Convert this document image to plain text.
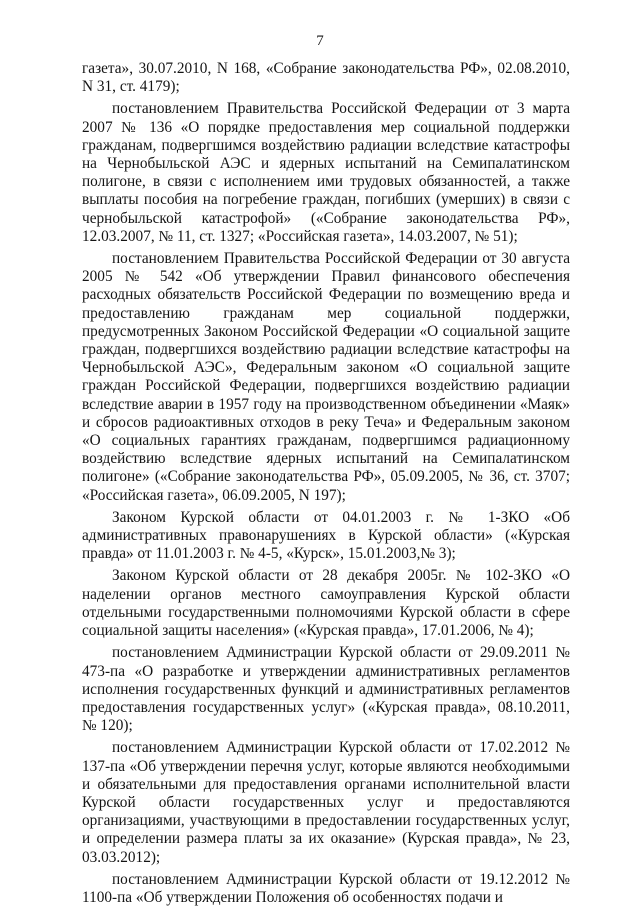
7

газета», 30.07.2010, N 168, «Собрание законодательства РФ», 02.08.2010, N 31, ст. 4179);

постановлением Правительства Российской Федерации от 3 марта 2007 № 136 «О порядке предоставления мер социальной поддержки гражданам, подвергшимся воздействию радиации вследствие катастрофы на Чернобыльской АЭС и ядерных испытаний на Семипалатинском полигоне, в связи с исполнением ими трудовых обязанностей, а также выплаты пособия на погребение граждан, погибших (умерших) в связи с чернобыльской катастрофой» («Собрание законодательства РФ», 12.03.2007, № 11, ст. 1327; «Российская газета», 14.03.2007, № 51);

постановлением Правительства Российской Федерации от 30 августа 2005 № 542 «Об утверждении Правил финансового обеспечения расходных обязательств Российской Федерации по возмещению вреда и предоставлению гражданам мер социальной поддержки, предусмотренных Законом Российской Федерации «О социальной защите граждан, подвергшихся воздействию радиации вследствие катастрофы на Чернобыльской АЭС», Федеральным законом «О социальной защите граждан Российской Федерации, подвергшихся воздействию радиации вследствие аварии в 1957 году на производственном объединении «Маяк» и сбросов радиоактивных отходов в реку Теча» и Федеральным законом «О социальных гарантиях гражданам, подвергшимся радиационному воздействию вследствие ядерных испытаний на Семипалатинском полигоне» («Собрание законодательства РФ», 05.09.2005, № 36, ст. 3707; «Российская газета», 06.09.2005, N 197);

Законом Курской области от 04.01.2003 г. № 1-ЗКО «Об административных правонарушениях в Курской области» («Курская правда» от 11.01.2003 г. № 4-5, «Курск», 15.01.2003,№ 3);

Законом Курской области от 28 декабря 2005г. № 102-ЗКО «О наделении органов местного самоуправления Курской области отдельными государственными полномочиями Курской области в сфере социальной защиты населения» («Курская правда», 17.01.2006, № 4);

постановлением Администрации Курской области от 29.09.2011 № 473-па «О разработке и утверждении административных регламентов исполнения государственных функций и административных регламентов предоставления государственных услуг» («Курская правда», 08.10.2011, № 120);

постановлением Администрации Курской области от 17.02.2012 № 137-па «Об утверждении перечня услуг, которые являются необходимыми и обязательными для предоставления органами исполнительной власти Курской области государственных услуг и предоставляются организациями, участвующими в предоставлении государственных услуг, и определении размера платы за их оказание» (Курская правда», № 23, 03.03.2012);

постановлением Администрации Курской области от 19.12.2012 № 1100-па «Об утверждении Положения об особенностях подачи и
